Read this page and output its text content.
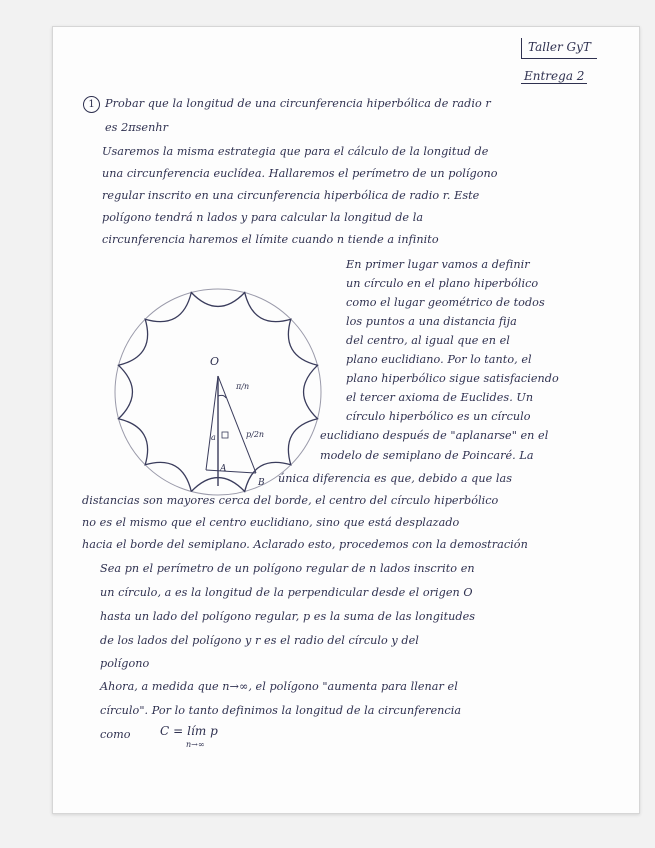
Taller GyT
Entrega 2
1 Probar que la longitud de una circunferencia hiperbólica de radio r
es 2πsenhr
Usaremos la misma estrategia que para el cálculo de la longitud de
una circunferencia euclídea. Hallaremos el perímetro de un polígono
regular inscrito en una circunferencia hiperbólica de radio r. Este
polígono tendrá n lados y para calcular la longitud de la
circunferencia haremos el límite cuando n tiende a infinito
O
π/n
p/2n
a
A
B
En primer lugar vamos a definir
un círculo en el plano hiperbólico
como el lugar geométrico de todos
los puntos a una distancia fija
del centro, al igual que en el
plano euclidiano. Por lo tanto, el
plano hiperbólico sigue satisfaciendo
el tercer axioma de Euclides. Un
círculo hiperbólico es un círculo
euclidiano después de "aplanarse" en el
modelo de semiplano de Poincaré. La
única diferencia es que, debido a que las
distancias son mayores cerca del borde, el centro del círculo hiperbólico
no es el mismo que el centro euclidiano, sino que está desplazado
hacia el borde del semiplano. Aclarado esto, procedemos con la demostración
Sea pn el perímetro de un polígono regular de n lados inscrito en
un círculo, a es la longitud de la perpendicular desde el origen O
hasta un lado del polígono regular, p es la suma de las longitudes
de los lados del polígono y r es el radio del círculo y del
polígono
Ahora, a medida que n→∞, el polígono "aumenta para llenar el
círculo". Por lo tanto definimos la longitud de la circunferencia
como C = lím p
n→∞
